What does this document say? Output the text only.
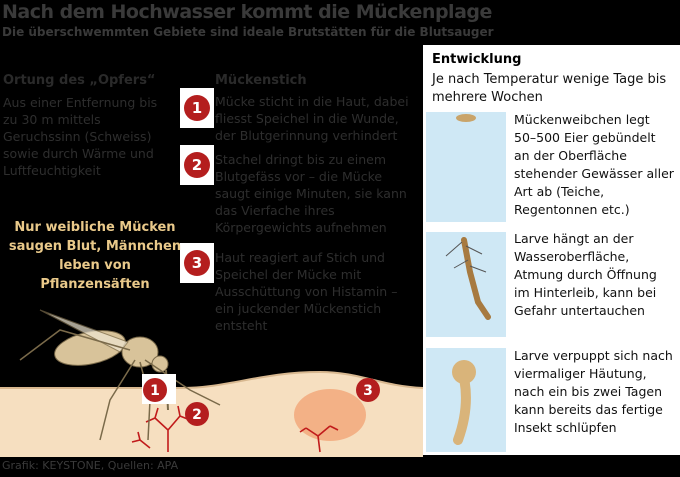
Nach dem Hochwasser kommt die Mückenplage
Die überschwemmten Gebiete sind ideale Brutstätten für die Blutsauger
Ortung des „Opfers“
Aus einer Entfernung bis zu 30 m mittels Geruchssinn (Schweiss) sowie durch Wärme und Luftfeuchtigkeit
Mückenstich
1	Mücke sticht in die Haut, dabei fliesst Speichel in die Wunde, der Blutgerinnung verhindert
2	Stachel dringt bis zu einem Blutgefäss vor – die Mücke saugt einige Minuten, sie kann das Vierfache ihres Körpergewichts aufnehmen
3	Haut reagiert auf Stich und Speichel der Mücke mit Ausschüttung von Histamin – ein juckender Mückenstich entsteht
Nur weibliche Mücken saugen Blut, Männchen leben von Pflanzensäften
1
2
3
Entwicklung
Je nach Temperatur wenige Tage bis mehrere Wochen
Mückenweibchen legt 50–500 Eier gebündelt an der Oberfläche stehender Gewässer aller Art ab (Teiche, Regentonnen etc.)
Larve hängt an der Wasseroberfläche, Atmung durch Öffnung im Hinterleib, kann bei Gefahr untertauchen
Larve verpuppt sich nach viermaliger Häutung, nach ein bis zwei Tagen kann bereits das fertige Insekt schlüpfen
Grafik: KEYSTONE, Quellen: APA
